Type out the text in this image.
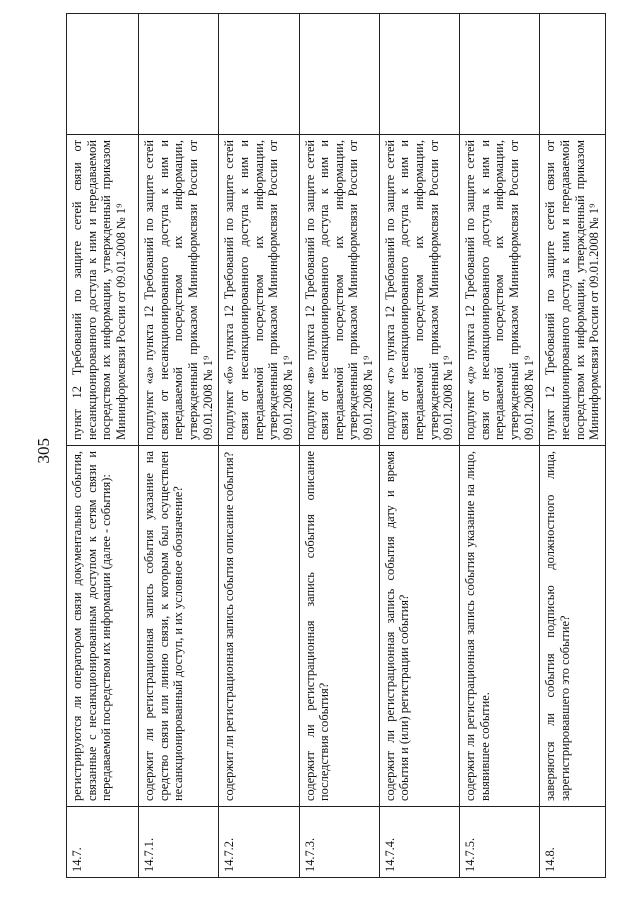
305
14.7.	регистрируются ли оператором связи документально события, связанные с несанкционированным доступом к сетям связи и передаваемой посредством их информации (далее - события):	пункт 12 Требований по защите сетей связи от несанкционированного доступа к ним и передаваемой посредством их информации, утвержденный приказом Мининформсвязи России от 09.01.2008 № 1⁹	
14.7.1.	содержит ли регистрационная запись события указание на средство связи или линию связи, к которым был осуществлен несанкционированный доступ, и их условное обозначение?	подпункт «а» пункта 12 Требований по защите сетей связи от несанкционированного доступа к ним и передаваемой посредством их информации, утвержденный приказом Мининформсвязи России от 09.01.2008 № 1⁹	
14.7.2.	содержит ли регистрационная запись события описание события?	подпункт «б» пункта 12 Требований по защите сетей связи от несанкционированного доступа к ним и передаваемой посредством их информации, утвержденный приказом Мининформсвязи России от 09.01.2008 № 1⁹	
14.7.3.	содержит ли регистрационная запись события описание последствия события?	подпункт «в» пункта 12 Требований по защите сетей связи от несанкционированного доступа к ним и передаваемой посредством их информации, утвержденный приказом Мининформсвязи России от 09.01.2008 № 1⁹	
14.7.4.	содержит ли регистрационная запись события дату и время события и (или) регистрации события?	подпункт «г» пункта 12 Требований по защите сетей связи от несанкционированного доступа к ним и передаваемой посредством их информации, утвержденный приказом Мининформсвязи России от 09.01.2008 № 1⁹	
14.7.5.	содержит ли регистрационная запись события указание на лицо, выявившее событие.	подпункт «д» пункта 12 Требований по защите сетей связи от несанкционированного доступа к ним и передаваемой посредством их информации, утвержденный приказом Мининформсвязи России от 09.01.2008 № 1⁹	
14.8.	заверяются ли события подписью должностного лица, зарегистрировавшего это событие?	пункт 12 Требований по защите сетей связи от несанкционированного доступа к ним и передаваемой посредством их информации, утвержденный приказом Мининформсвязи России от 09.01.2008 № 1⁹	
